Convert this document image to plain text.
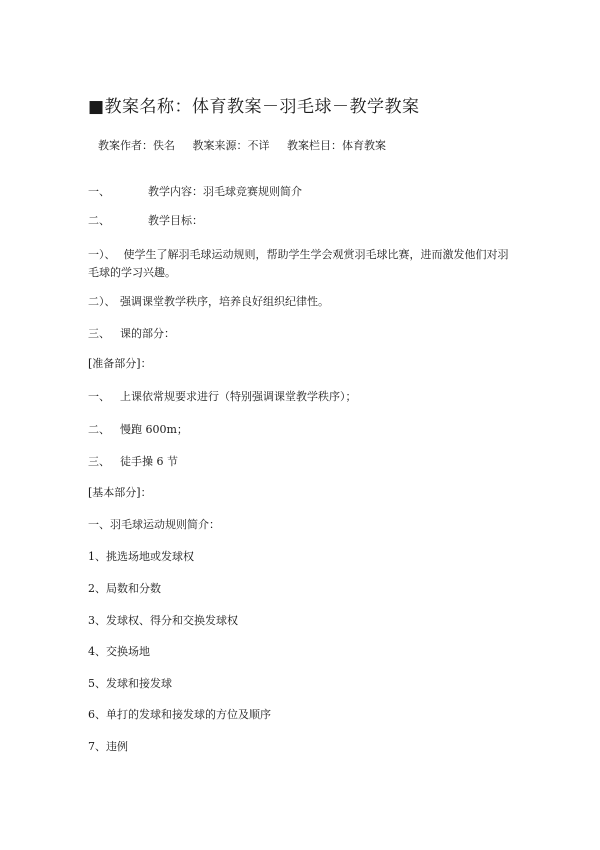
■教案名称：体育教案－羽毛球－教学教案
教案作者：佚名 教案来源：不详 教案栏目：体育教案
一、	教学内容：羽毛球竞赛规则简介
二、	教学目标：
一）、 使学生了解羽毛球运动规则，帮助学生学会观赏羽毛球比赛，进而激发他们对羽毛球的学习兴趣。
二）、 强调课堂教学秩序，培养良好组织纪律性。
三、 课的部分：
[准备部分]：
一、 上课依常规要求进行（特别强调课堂教学秩序）；
二、 慢跑 600m；
三、 徒手操 6 节
[基本部分]：
一、羽毛球运动规则简介：
1、挑选场地或发球权
2、局数和分数
3、发球权、得分和交换发球权
4、交换场地
5、发球和接发球
6、单打的发球和接发球的方位及顺序
7、违例
